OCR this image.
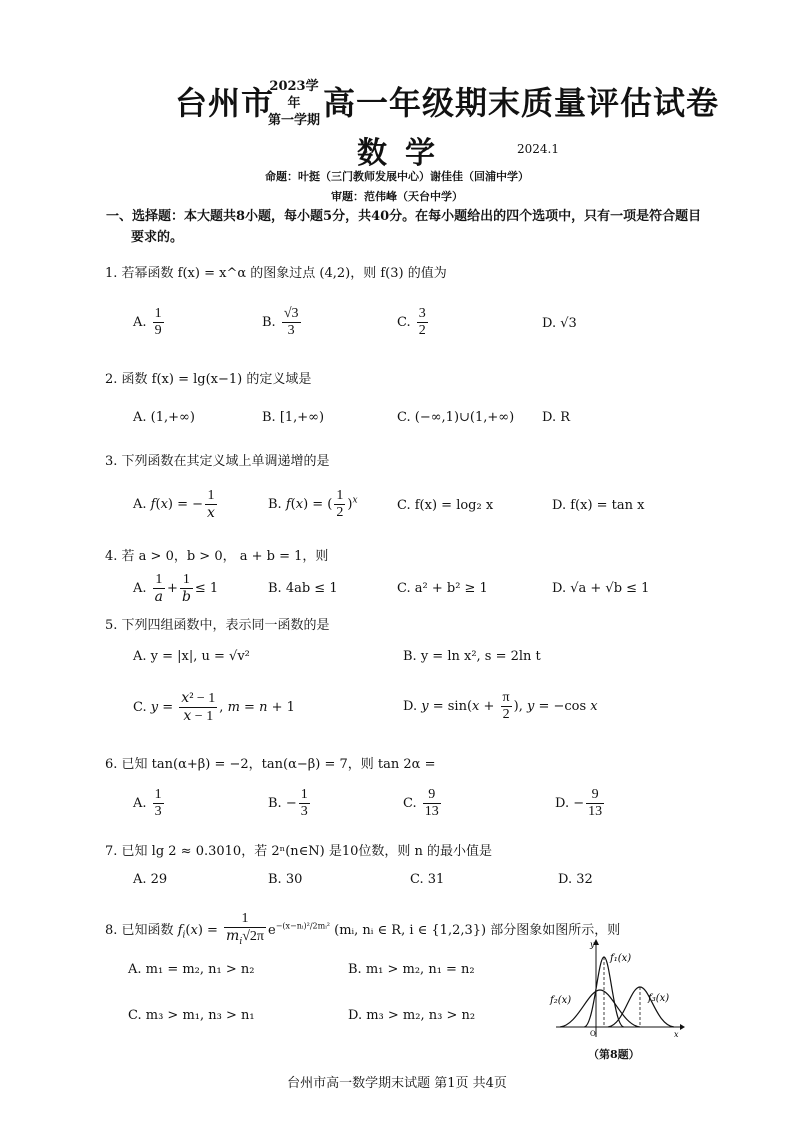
台州市
2023学年
第一学期 高一年级期末质量评估试卷
数学	2024.1
命题：叶挺（三门教师发展中心）谢佳佳（回浦中学）
审题：范伟峰（天台中学）
一、选择题：本大题共8小题，每小题5分，共40分。在每小题给出的四个选项中，只有一项是符合题目要求的。
1. 若幂函数 f(x) = x^α 的图象过点 (4,2)，则 f(3) 的值为
A. $\frac{1}{9}$	B. $\frac{√3}{3}$	C. $\frac{3}{2}$	D. √3
2. 函数 f(x) = lg(x−1) 的定义域是
A. (1,+∞)	B. [1,+∞)	C. (−∞,1)∪(1,+∞) D. R
3. 下列函数在其定义域上单调递增的是
A. f(x) = − $\frac{1}{x}$	B. f(x) = ( $\frac{1}{2} )^x$	C. f(x) = log₂ x	D. f(x) = tan x
4. 若 a > 0，b > 0， a + b = 1，则
A. $\frac{1}{a} + \frac{1}{b} \le 1$	B. 4ab ≤ 1	C. a² + b² ≥ 1	D. √a + √b ≤ 1
5. 下列四组函数中，表示同一函数的是
A. y = |x|, u = √v²	B. y = ln x², s = 2ln t
C. $y = \frac{\text{x² − 1}}{x - 1}$ , m = n + 1	D. $y = \sin(x + \frac{\pi}{2}$ ), y = −cos x
6. 已知 tan(α+β) = −2，tan(α−β) = 7，则 tan 2α =
A. $\frac{1}{3}$	B. − $\frac{1}{3}$	C. $\frac{9}{13}$	D. − $\frac{9}{13}$
7. 已知 lg 2 ≈ 0.3010，若 2ⁿ(n∈N) 是10位数，则 n 的最小值是
A. 29	B. 30	C. 31	D. 32
8. 已知函数 $f_i(x) = \frac{1}{m_i√2\pi} e^{-(x-nᵢ)^2/2mᵢ^2}$ (mᵢ, nᵢ ∈ R, i ∈ {1,2,3}) 部分图象如图所示，则
A. m₁ = m₂, n₁ > n₂	B. m₁ > m₂, n₁ = n₂
C. m₃ > m₁, n₃ > n₁	D. m₃ > m₂, n₃ > n₂
y
x
O
f₁(x)
f₂(x)	f₃(x)
（第8题）
台州市高一数学期末试题 第1页 共4页
